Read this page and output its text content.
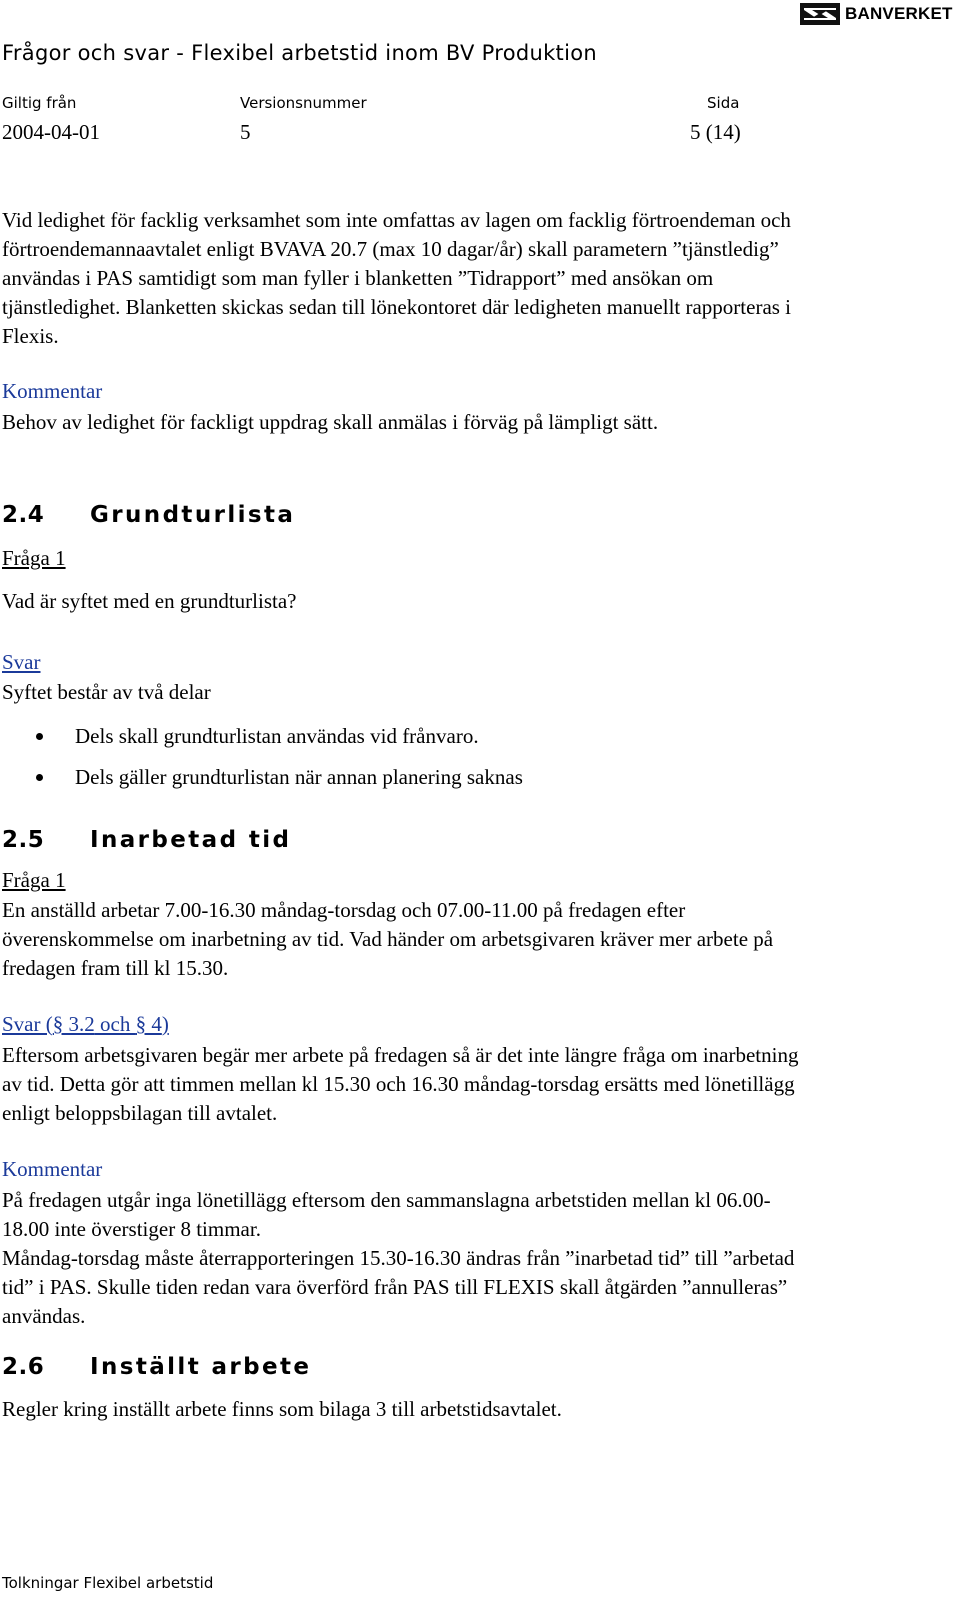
BANVERKET
Frågor och svar - Flexibel arbetstid inom BV Produktion
Giltig från	Versionsnummer	Sida
2004-04-01	5	5 (14)
Vid ledighet för facklig verksamhet som inte omfattas av lagen om facklig förtroendeman och
förtroendemannaavtalet enligt BVAVA 20.7 (max 10 dagar/år) skall parametern ”tjänstledig”
användas i PAS samtidigt som man fyller i blanketten ”Tidrapport” med ansökan om
tjänstledighet. Blanketten skickas sedan till lönekontoret där ledigheten manuellt rapporteras i
Flexis.
Kommentar
Behov av ledighet för fackligt uppdrag skall anmälas i förväg på lämpligt sätt.
2.4 Grundturlista
Fråga 1
Vad är syftet med en grundturlista?
Svar
Syftet består av två delar
Dels skall grundturlistan användas vid frånvaro.
Dels gäller grundturlistan när annan planering saknas
2.5 Inarbetad tid
Fråga 1
En anställd arbetar 7.00-16.30 måndag-torsdag och 07.00-11.00 på fredagen efter
överenskommelse om inarbetning av tid. Vad händer om arbetsgivaren kräver mer arbete på
fredagen fram till kl 15.30.
Svar (§ 3.2 och § 4)
Eftersom arbetsgivaren begär mer arbete på fredagen så är det inte längre fråga om inarbetning
av tid. Detta gör att timmen mellan kl 15.30 och 16.30 måndag-torsdag ersätts med lönetillägg
enligt beloppsbilagan till avtalet.
Kommentar
På fredagen utgår inga lönetillägg eftersom den sammanslagna arbetstiden mellan kl 06.00-
18.00 inte överstiger 8 timmar.
Måndag-torsdag måste återrapporteringen 15.30-16.30 ändras från ”inarbetad tid” till ”arbetad
tid” i PAS. Skulle tiden redan vara överförd från PAS till FLEXIS skall åtgärden ”annulleras”
användas.
2.6 Inställt arbete
Regler kring inställt arbete finns som bilaga 3 till arbetstidsavtalet.
Tolkningar Flexibel arbetstid
